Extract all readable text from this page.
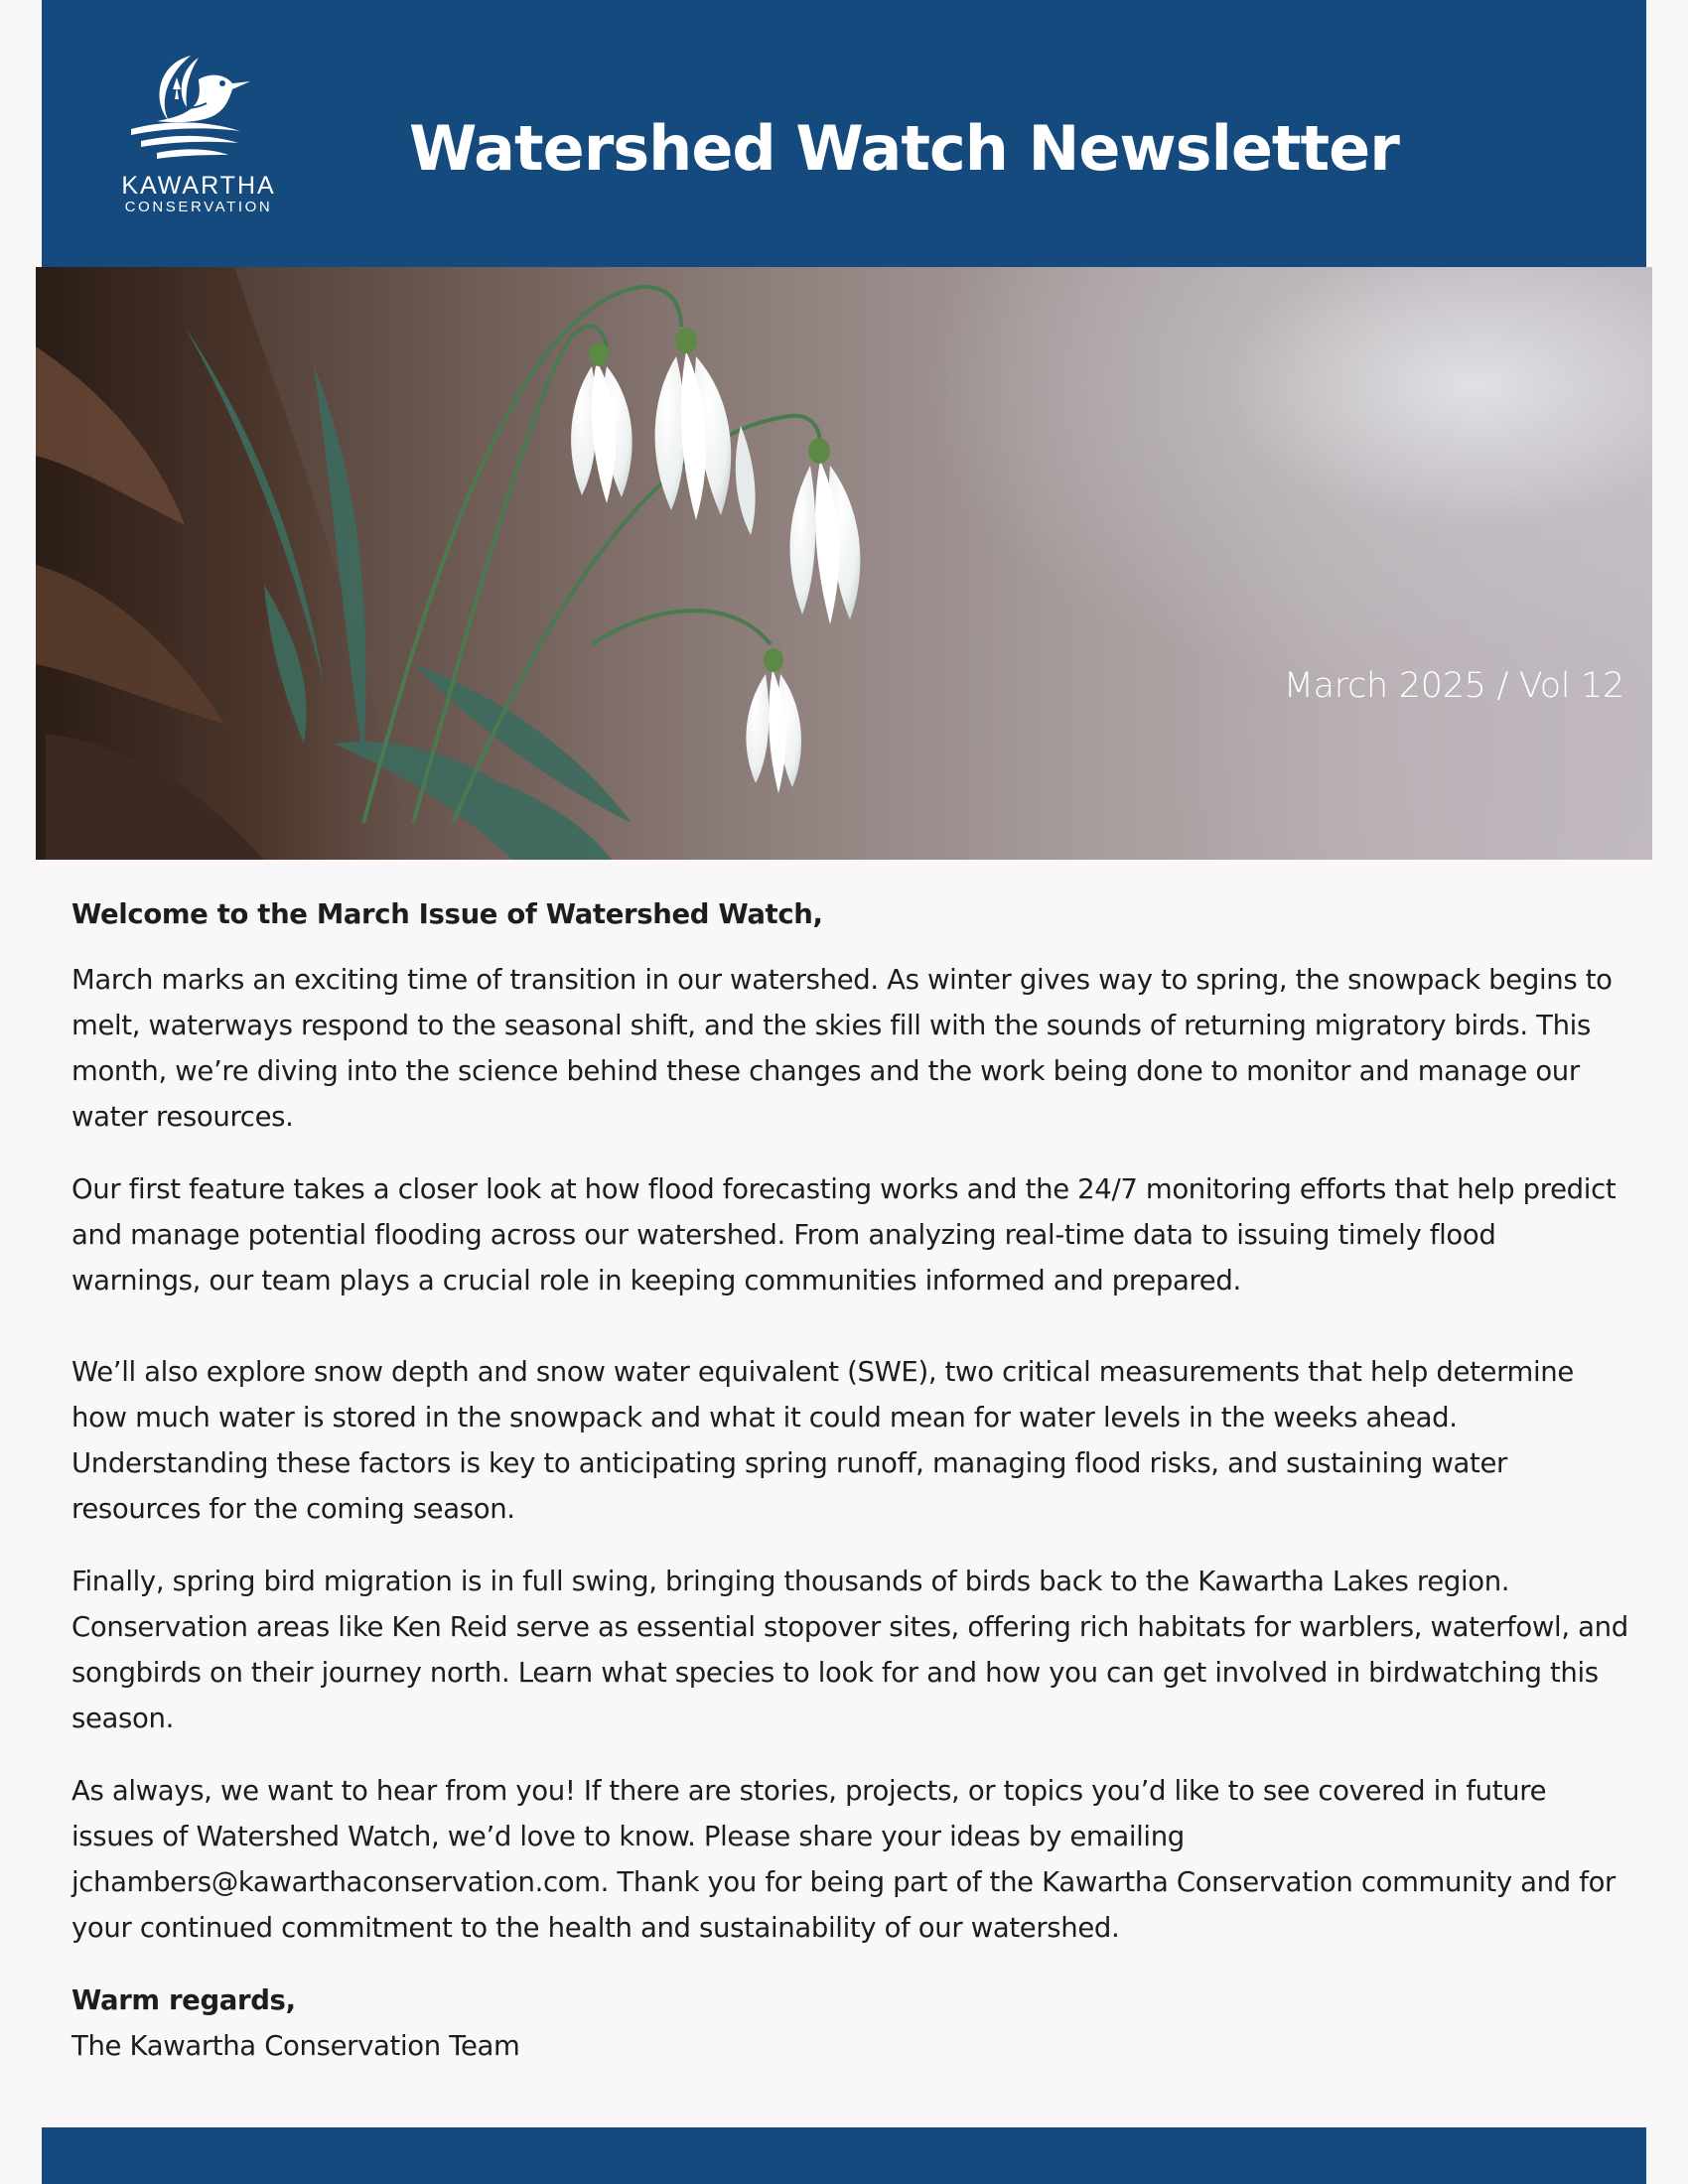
KAWARTHA
CONSERVATION
Watershed Watch Newsletter
March 2025 / Vol 12

Welcome to the March Issue of Watershed Watch,

March marks an exciting time of transition in our watershed. As winter gives way to spring, the snowpack begins to melt, waterways respond to the seasonal shift, and the skies fill with the sounds of returning migratory birds. This month, we’re diving into the science behind these changes and the work being done to monitor and manage our water resources.

Our first feature takes a closer look at how flood forecasting works and the 24/7 monitoring efforts that help predict and manage potential flooding across our watershed. From analyzing real-time data to issuing timely flood warnings, our team plays a crucial role in keeping communities informed and prepared.

We’ll also explore snow depth and snow water equivalent (SWE), two critical measurements that help determine how much water is stored in the snowpack and what it could mean for water levels in the weeks ahead. Understanding these factors is key to anticipating spring runoff, managing flood risks, and sustaining water resources for the coming season.

Finally, spring bird migration is in full swing, bringing thousands of birds back to the Kawartha Lakes region. Conservation areas like Ken Reid serve as essential stopover sites, offering rich habitats for warblers, waterfowl, and songbirds on their journey north. Learn what species to look for and how you can get involved in birdwatching this season.

As always, we want to hear from you! If there are stories, projects, or topics you’d like to see covered in future issues of Watershed Watch, we’d love to know. Please share your ideas by emailing jchambers@kawarthaconservation.com. Thank you for being part of the Kawartha Conservation community and for your continued commitment to the health and sustainability of our watershed.

Warm regards,

The Kawartha Conservation Team
